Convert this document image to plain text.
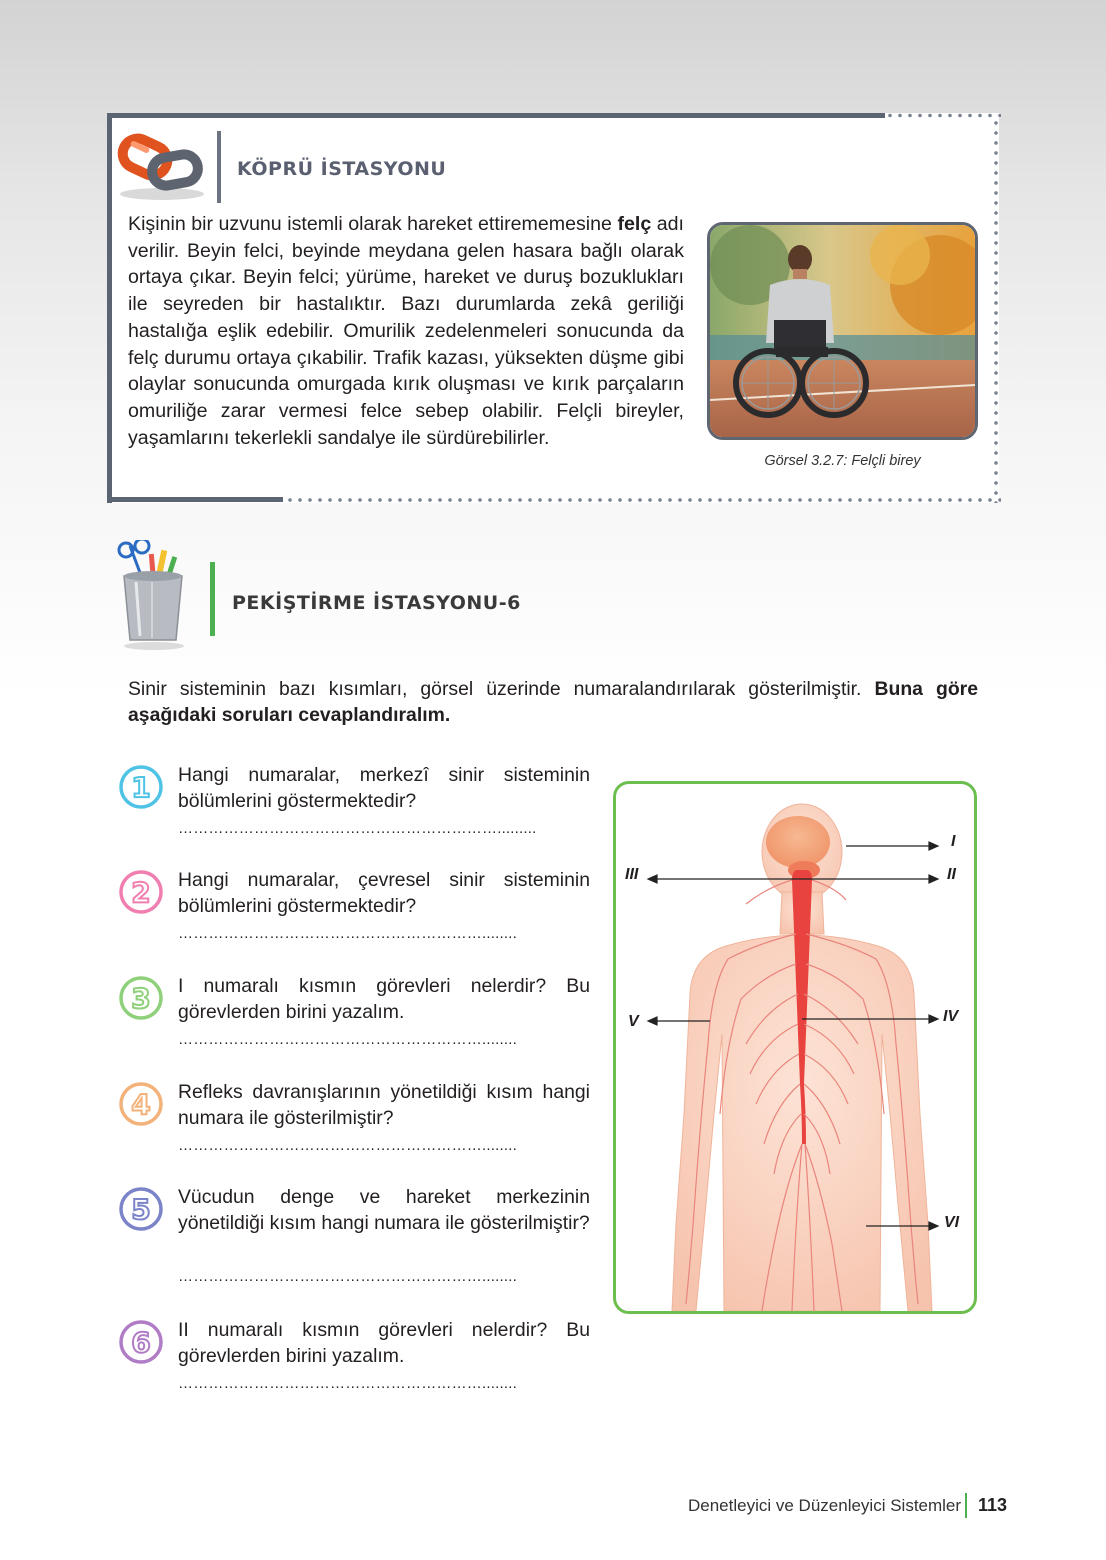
KÖPRÜ İSTASYONU
Kişinin bir uzvunu istemli olarak hareket ettirememesine felç adı verilir. Beyin felci, beyinde meydana gelen hasara bağlı olarak ortaya çıkar. Beyin felci; yürüme, hareket ve duruş bozuklukları ile seyreden bir hastalıktır. Bazı durumlarda zekâ geriliği hastalığa eşlik edebilir. Omurilik zedelenmeleri sonucunda da felç durumu ortaya çıkabilir. Trafik kazası, yüksekten düşme gibi olaylar sonucunda omurgada kırık oluşması ve kırık parçaların omuriliğe zarar vermesi felce sebep olabilir. Felçli bireyler, yaşamlarını tekerlekli sandalye ile sürdürebilirler.
Görsel 3.2.7: Felçli birey
PEKİŞTİRME İSTASYONU-6
Sinir sisteminin bazı kısımları, görsel üzerinde numaralandırılarak gösterilmiştir. Buna göre aşağıdaki soruları cevaplandıralım.
1 Hangi numaralar, merkezî sinir sisteminin bölümlerini göstermektedir?
……………………………………………………….........
2 Hangi numaralar, çevresel sinir sisteminin bölümlerini göstermektedir?
……………………………………………………........
3 I numaralı kısmın görevleri nelerdir? Bu görevlerden birini yazalım.
……………………………………………………........
4 Refleks davranışlarının yönetildiği kısım hangi numara ile gösterilmiştir?
……………………………………………………........
5 Vücudun denge ve hareket merkezinin yönetildiği kısım hangi numara ile gösterilmiştir?
……………………………………………………........
6 II numaralı kısmın görevleri nelerdir? Bu görevlerden birini yazalım.
……………………………………………………........
I
II
III
IV
V
VI
Denetleyici ve Düzenleyici Sistemler 113
